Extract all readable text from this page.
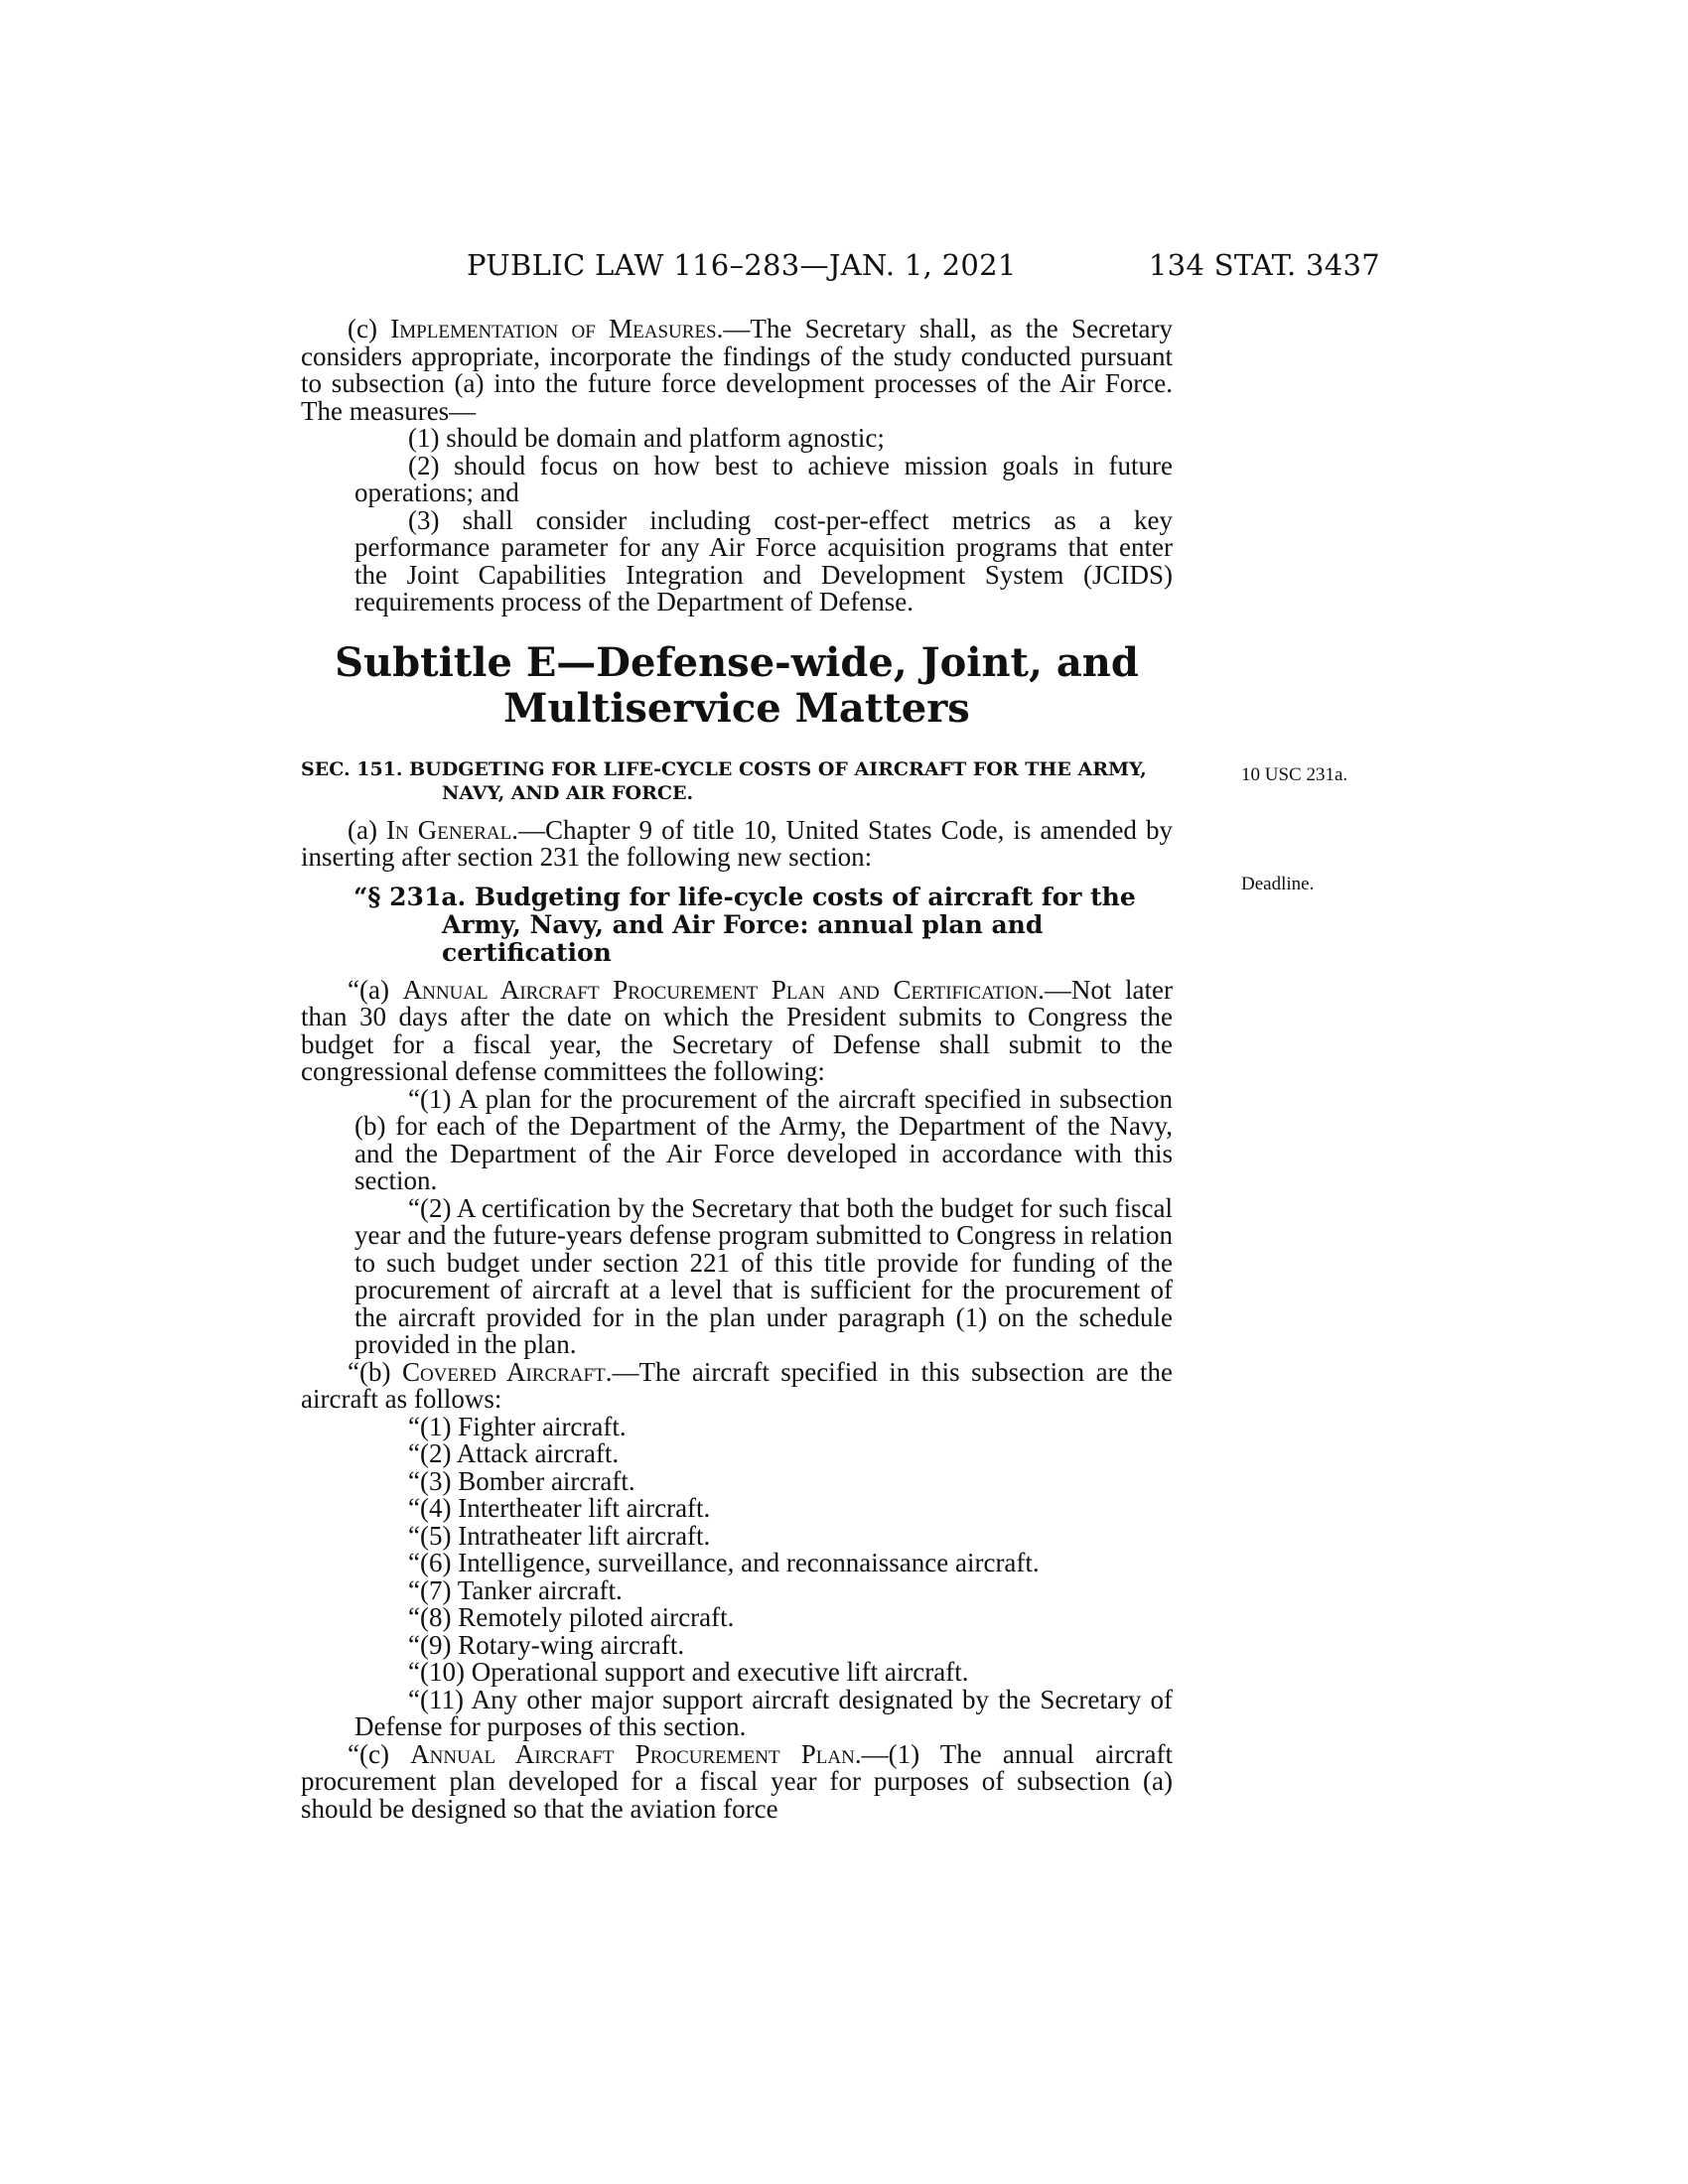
PUBLIC LAW 116–283—JAN. 1, 2021	134 STAT. 3437
10 USC 231a.
Deadline.

(c) Implementation of Measures.—The Secretary shall, as the Secretary considers appropriate, incorporate the findings of the study conducted pursuant to subsection (a) into the future force development processes of the Air Force. The measures—

(1) should be domain and platform agnostic;

(2) should focus on how best to achieve mission goals in future operations; and

(3) shall consider including cost-per-effect metrics as a key performance parameter for any Air Force acquisition programs that enter the Joint Capabilities Integration and Development System (JCIDS) requirements process of the Department of Defense.

Subtitle E—Defense-wide, Joint, and
Multiservice Matters

SEC. 151. BUDGETING FOR LIFE-CYCLE COSTS OF AIRCRAFT FOR THE ARMY, NAVY, AND AIR FORCE.

(a) In General.—Chapter 9 of title 10, United States Code, is amended by inserting after section 231 the following new section:

“§ 231a. Budgeting for life-cycle costs of aircraft for the Army, Navy, and Air Force: annual plan and certification

“(a) Annual Aircraft Procurement Plan and Certification.—Not later than 30 days after the date on which the President submits to Congress the budget for a fiscal year, the Secretary of Defense shall submit to the congressional defense committees the following:

“(1) A plan for the procurement of the aircraft specified in subsection (b) for each of the Department of the Army, the Department of the Navy, and the Department of the Air Force developed in accordance with this section.

“(2) A certification by the Secretary that both the budget for such fiscal year and the future-years defense program submitted to Congress in relation to such budget under section 221 of this title provide for funding of the procurement of aircraft at a level that is sufficient for the procurement of the aircraft provided for in the plan under paragraph (1) on the schedule provided in the plan.

“(b) Covered Aircraft.—The aircraft specified in this subsection are the aircraft as follows:

“(1) Fighter aircraft.

“(2) Attack aircraft.

“(3) Bomber aircraft.

“(4) Intertheater lift aircraft.

“(5) Intratheater lift aircraft.

“(6) Intelligence, surveillance, and reconnaissance aircraft.

“(7) Tanker aircraft.

“(8) Remotely piloted aircraft.

“(9) Rotary-wing aircraft.

“(10) Operational support and executive lift aircraft.

“(11) Any other major support aircraft designated by the Secretary of Defense for purposes of this section.

“(c) Annual Aircraft Procurement Plan.—(1) The annual aircraft procurement plan developed for a fiscal year for purposes of subsection (a) should be designed so that the aviation force
